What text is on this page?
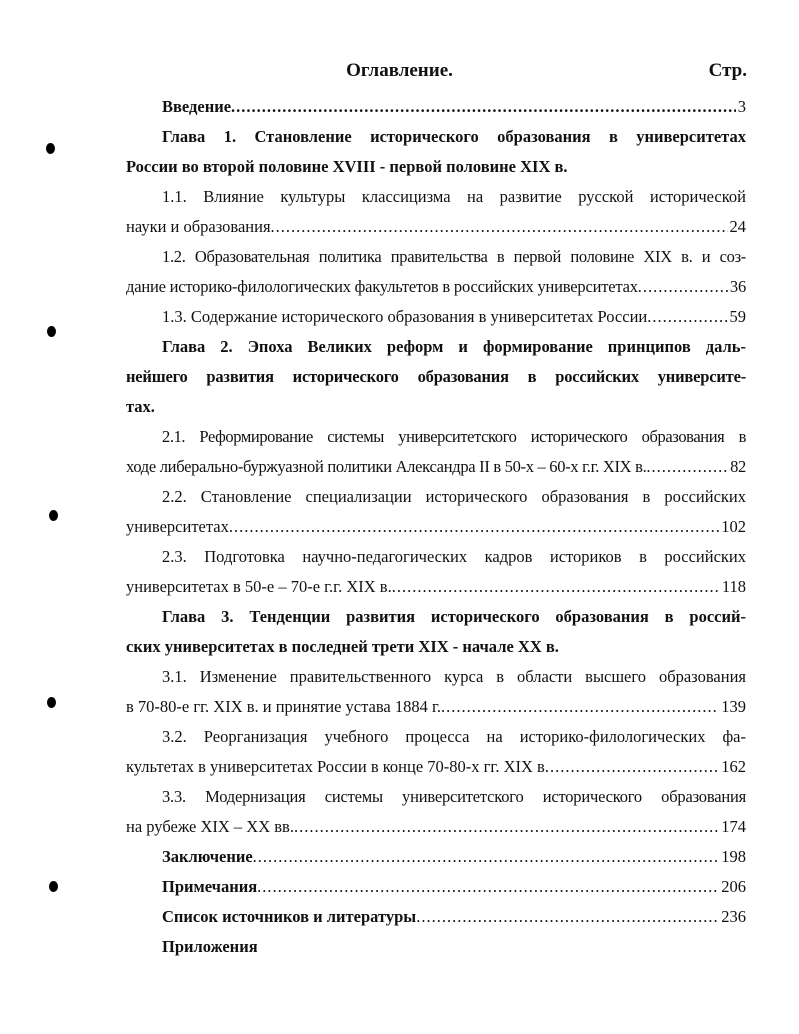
Оглавление.	Стр.
Введение .....	3
Глава 1. Становление исторического образования в университетах
России во второй половине XVIII - первой половине XIX в.
1.1. Влияние культуры классицизма на развитие русской исторической
науки и образования .....	24
1.2. Образовательная политика правительства в первой половине XIX в. и соз-
дание историко-филологических факультетов в российских университетах .....	36
1.3. Содержание исторического образования в университетах России .....	59
Глава 2. Эпоха Великих реформ и формирование принципов даль-
нейшего развития исторического образования в российских университе-
тах.
2.1. Реформирование системы университетского исторического образования в
ходе либерально-буржуазной политики Александра II в 50-х – 60-х г.г. XIX в. .....	82
2.2. Становление специализации исторического образования в российских
университетах .....	102
2.3. Подготовка научно-педагогических кадров историков в российских
университетах в 50-е – 70-е г.г. XIX в. .....	118
Глава 3. Тенденции развития исторического образования в россий-
ских университетах в последней трети XIX - начале XX в.
3.1. Изменение правительственного курса в области высшего образования
в 70-80-е гг. XIX в. и принятие устава 1884 г. .....	139
3.2. Реорганизация учебного процесса на историко-филологических фа-
культетах в университетах России в конце 70-80-х гг. XIX в .....	162
3.3. Модернизация системы университетского исторического образования
на рубеже XIX – XX вв. .....	174
Заключение .....	198
Примечания .....	206
Список источников и литературы .....	236
Приложения
